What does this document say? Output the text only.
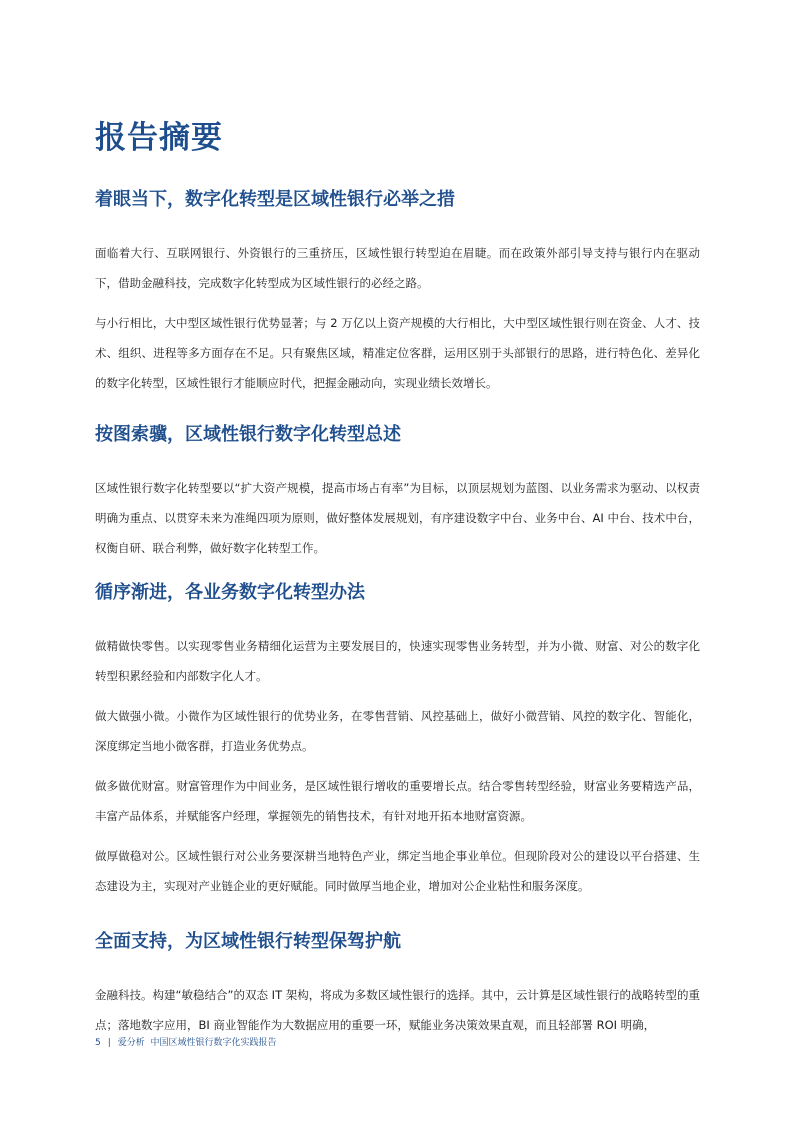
报告摘要
着眼当下，数字化转型是区域性银行必举之措

面临着大行、互联网银行、外资银行的三重挤压，区域性银行转型迫在眉睫。而在政策外部引导支持与银行内在驱动下，借助金融科技，完成数字化转型成为区域性银行的必经之路。

与小行相比，大中型区域性银行优势显著；与 2 万亿以上资产规模的大行相比，大中型区域性银行则在资金、人才、技术、组织、进程等多方面存在不足。只有聚焦区域，精准定位客群，运用区别于头部银行的思路，进行特色化、差异化的数字化转型，区域性银行才能顺应时代，把握金融动向，实现业绩长效增长。

按图索骥，区域性银行数字化转型总述

区域性银行数字化转型要以“扩大资产规模，提高市场占有率”为目标，以顶层规划为蓝图、以业务需求为驱动、以权责明确为重点、以贯穿未来为准绳四项为原则，做好整体发展规划，有序建设数字中台、业务中台、AI 中台、技术中台，权衡自研、联合利弊，做好数字化转型工作。

循序渐进，各业务数字化转型办法

做精做快零售。以实现零售业务精细化运营为主要发展目的，快速实现零售业务转型，并为小微、财富、对公的数字化转型积累经验和内部数字化人才。

做大做强小微。小微作为区域性银行的优势业务，在零售营销、风控基础上，做好小微营销、风控的数字化、智能化，深度绑定当地小微客群，打造业务优势点。

做多做优财富。财富管理作为中间业务，是区域性银行增收的重要增长点。结合零售转型经验，财富业务要精选产品，丰富产品体系，并赋能客户经理，掌握领先的销售技术，有针对地开拓本地财富资源。

做厚做稳对公。区域性银行对公业务要深耕当地特色产业，绑定当地企事业单位。但现阶段对公的建设以平台搭建、生态建设为主，实现对产业链企业的更好赋能。同时做厚当地企业，增加对公企业粘性和服务深度。

全面支持，为区域性银行转型保驾护航

金融科技。构建“敏稳结合”的双态 IT 架构，将成为多数区域性银行的选择。其中，云计算是区域性银行的战略转型的重点；落地数字应用，BI 商业智能作为大数据应用的重要一环，赋能业务决策效果直观，而且轻部署 ROI 明确，

5 | 爱分析 中国区域性银行数字化实践报告
